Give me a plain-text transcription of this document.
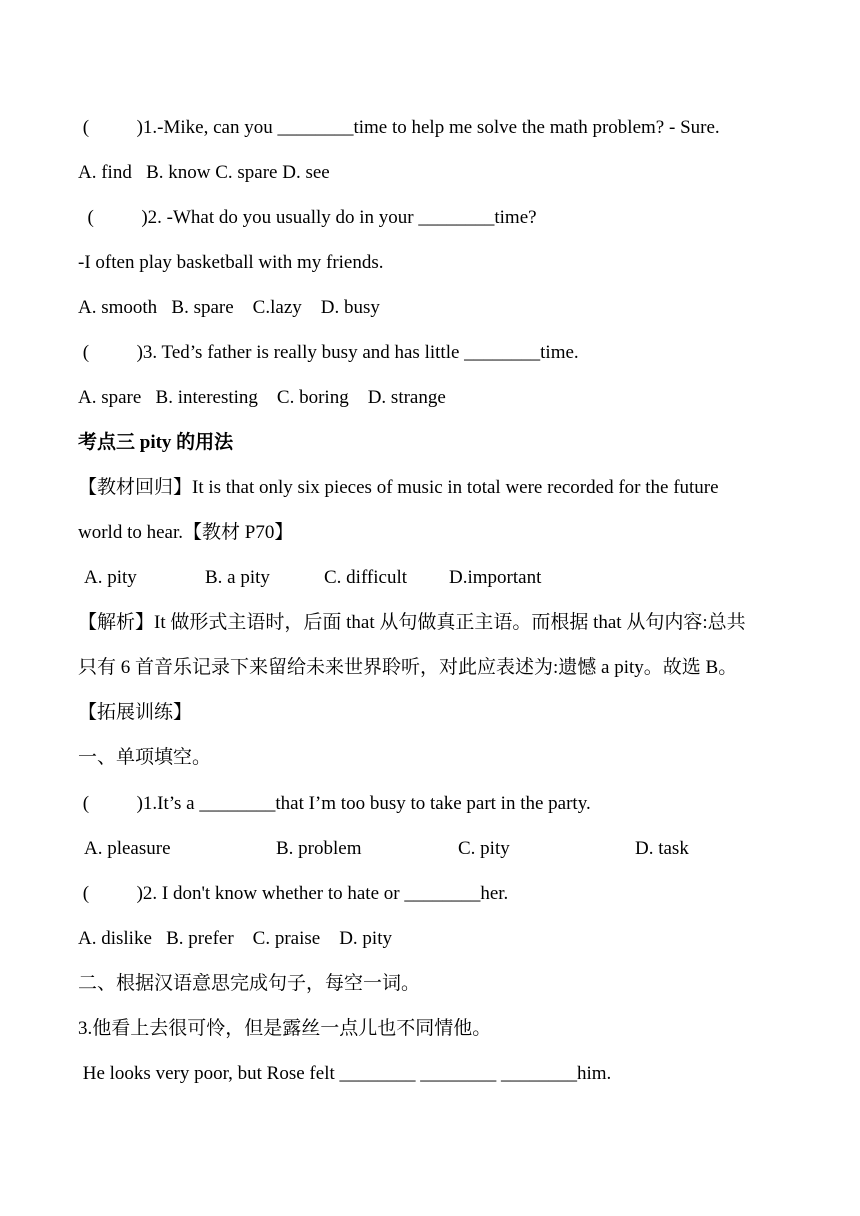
(          )1.-Mike, can you ________time to help me solve the math problem? - Sure.
A. find   B. know C. spare D. see
(          )2. -What do you usually do in your ________time?
-I often play basketball with my friends.
A. smooth   B. spare    C.lazy    D. busy
(          )3. Ted’s father is really busy and has little ________time.
A. spare   B. interesting    C. boring    D. strange
考点三 pity 的用法
【教材回归】It is that only six pieces of music in total were recorded for the future
world to hear.【教材 P70】
A. pity	B. a pity	C. difficult D.important
【解析】It 做形式主语时，后面 that 从句做真正主语。而根据 that 从句内容:总共
只有 6 首音乐记录下来留给未来世界聆听，对此应表述为:遗憾 a pity。故选 B。
【拓展训练】
一、单项填空。
(          )1.It’s a ________that I’m too busy to take part in the party.
A. pleasure	B. problem	C. pity	D. task
(          )2. I don't know whether to hate or ________her.
A. dislike   B. prefer    C. praise    D. pity
二、根据汉语意思完成句子，每空一词。
3.他看上去很可怜，但是露丝一点儿也不同情他。
He looks very poor, but Rose felt ________ ________ ________him.
